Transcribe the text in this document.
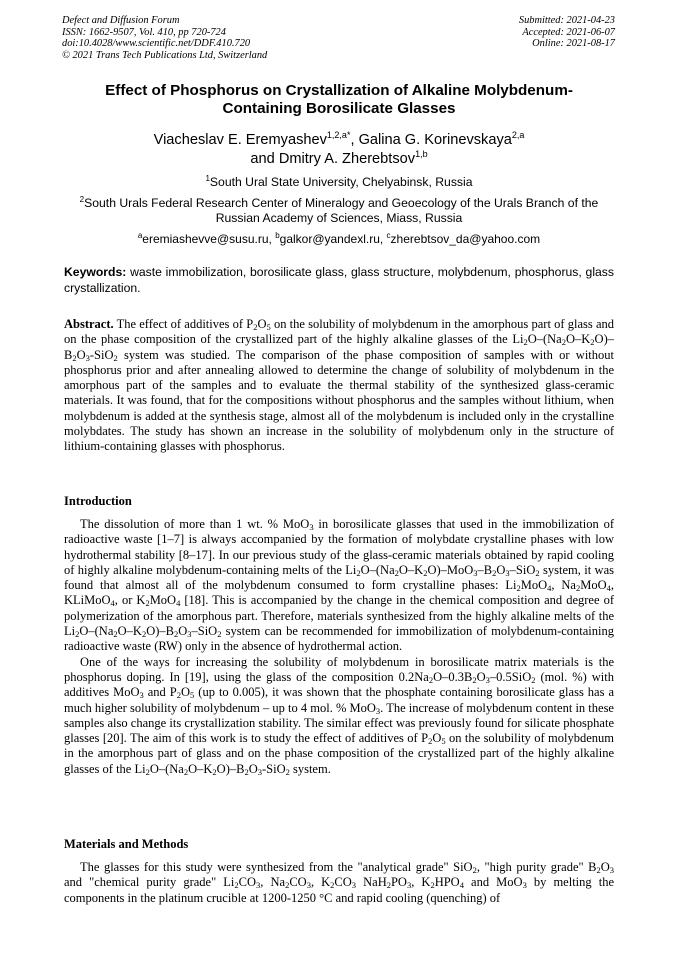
Defect and Diffusion Forum
ISSN: 1662-9507, Vol. 410, pp 720-724
doi:10.4028/www.scientific.net/DDF.410.720
© 2021 Trans Tech Publications Ltd, Switzerland
Submitted: 2021-04-23
Accepted: 2021-06-07
Online: 2021-08-17
Effect of Phosphorus on Crystallization of Alkaline Molybdenum-
Containing Borosilicate Glasses
Viacheslav E. Eremyashev$^{1,2,a*}$, Galina G. Korinevskaya$^{2,a}$
and Dmitry A. Zherebtsov$^{1,b}$
$^1$South Ural State University, Chelyabinsk, Russia
$^2$South Urals Federal Research Center of Mineralogy and Geoecology of the Urals Branch of the
Russian Academy of Sciences, Miass, Russia
$^a$eremiashevve@susu.ru, $^b$galkor@yandexl.ru, $^c$zherebtsov_da@yahoo.com
Keywords: waste immobilization, borosilicate glass, glass structure, molybdenum, phosphorus, glass crystallization.
Abstract. The effect of additives of $P_2O_5$ on the solubility of molybdenum in the amorphous part of glass and on the phase composition of the crystallized part of the highly alkaline glasses of the $Li_2O-(Na_2O-K_2O)-B_2O_3-SiO_2$ system was studied. The comparison of the phase composition of samples with or without phosphorus prior and after annealing allowed to determine the change of solubility of molybdenum in the amorphous part of the samples and to evaluate the thermal stability of the synthesized glass-ceramic materials. It was found, that for the compositions without phosphorus and the samples without lithium, when molybdenum is added at the synthesis stage, almost all of the molybdenum is included only in the crystalline molybdates. The study has shown an increase in the solubility of molybdenum only in the structure of lithium-containing glasses with phosphorus.
Introduction

The dissolution of more than 1 wt. % MoO$_3$ in borosilicate glasses that used in the immobilization of radioactive waste [1–7] is always accompanied by the formation of molybdate crystalline phases with low hydrothermal stability [8–17]. In our previous study of the glass-ceramic materials obtained by rapid cooling of highly alkaline molybdenum-containing melts of the $Li_2O-(Na_2O-K_2O)-MoO_3-B_2O_3-SiO_2$ system, it was found that almost all of the molybdenum consumed to form crystalline phases: $Li_2MoO_4$, $Na_2MoO_4$, KLiMoO$_4$, or $K_2MoO_4$ [18]. This is accompanied by the change in the chemical composition and degree of polymerization of the amorphous part. Therefore, materials synthesized from the highly alkaline melts of the $Li_2O-(Na_2O-K_2O)-B_2O_3-SiO_2$ system can be recommended for immobilization of molybdenum-containing radioactive waste (RW) only in the absence of hydrothermal action.

One of the ways for increasing the solubility of molybdenum in borosilicate matrix materials is the phosphorus doping. In [19], using the glass of the composition $0.2Na_2O-0.3B_2O_3-0.5SiO_2$ (mol. %) with additives MoO$_3$ and $P_2O_5$ (up to 0.005), it was shown that the phosphate containing borosilicate glass has a much higher solubility of molybdenum – up to 4 mol. % MoO$_3$. The increase of molybdenum content in these samples also change its crystallization stability. The similar effect was previously found for silicate phosphate glasses [20]. The aim of this work is to study the effect of additives of $P_2O_5$ on the solubility of molybdenum in the amorphous part of glass and on the phase composition of the crystallized part of the highly alkaline glasses of the $Li_2O-(Na_2O-K_2O)-B_2O_3-SiO_2$ system.

Materials and Methods

The glasses for this study were synthesized from the "analytical grade" SiO$_2$, "high purity grade" $B_2O_3$ and "chemical purity grade" $Li_2CO_3$, $Na_2CO_3$, $K_2CO_3$ $NaH_2PO_3$, $K_2HPO_4$ and MoO$_3$ by melting the components in the platinum crucible at 1200-1250 °C and rapid cooling (quenching) of
